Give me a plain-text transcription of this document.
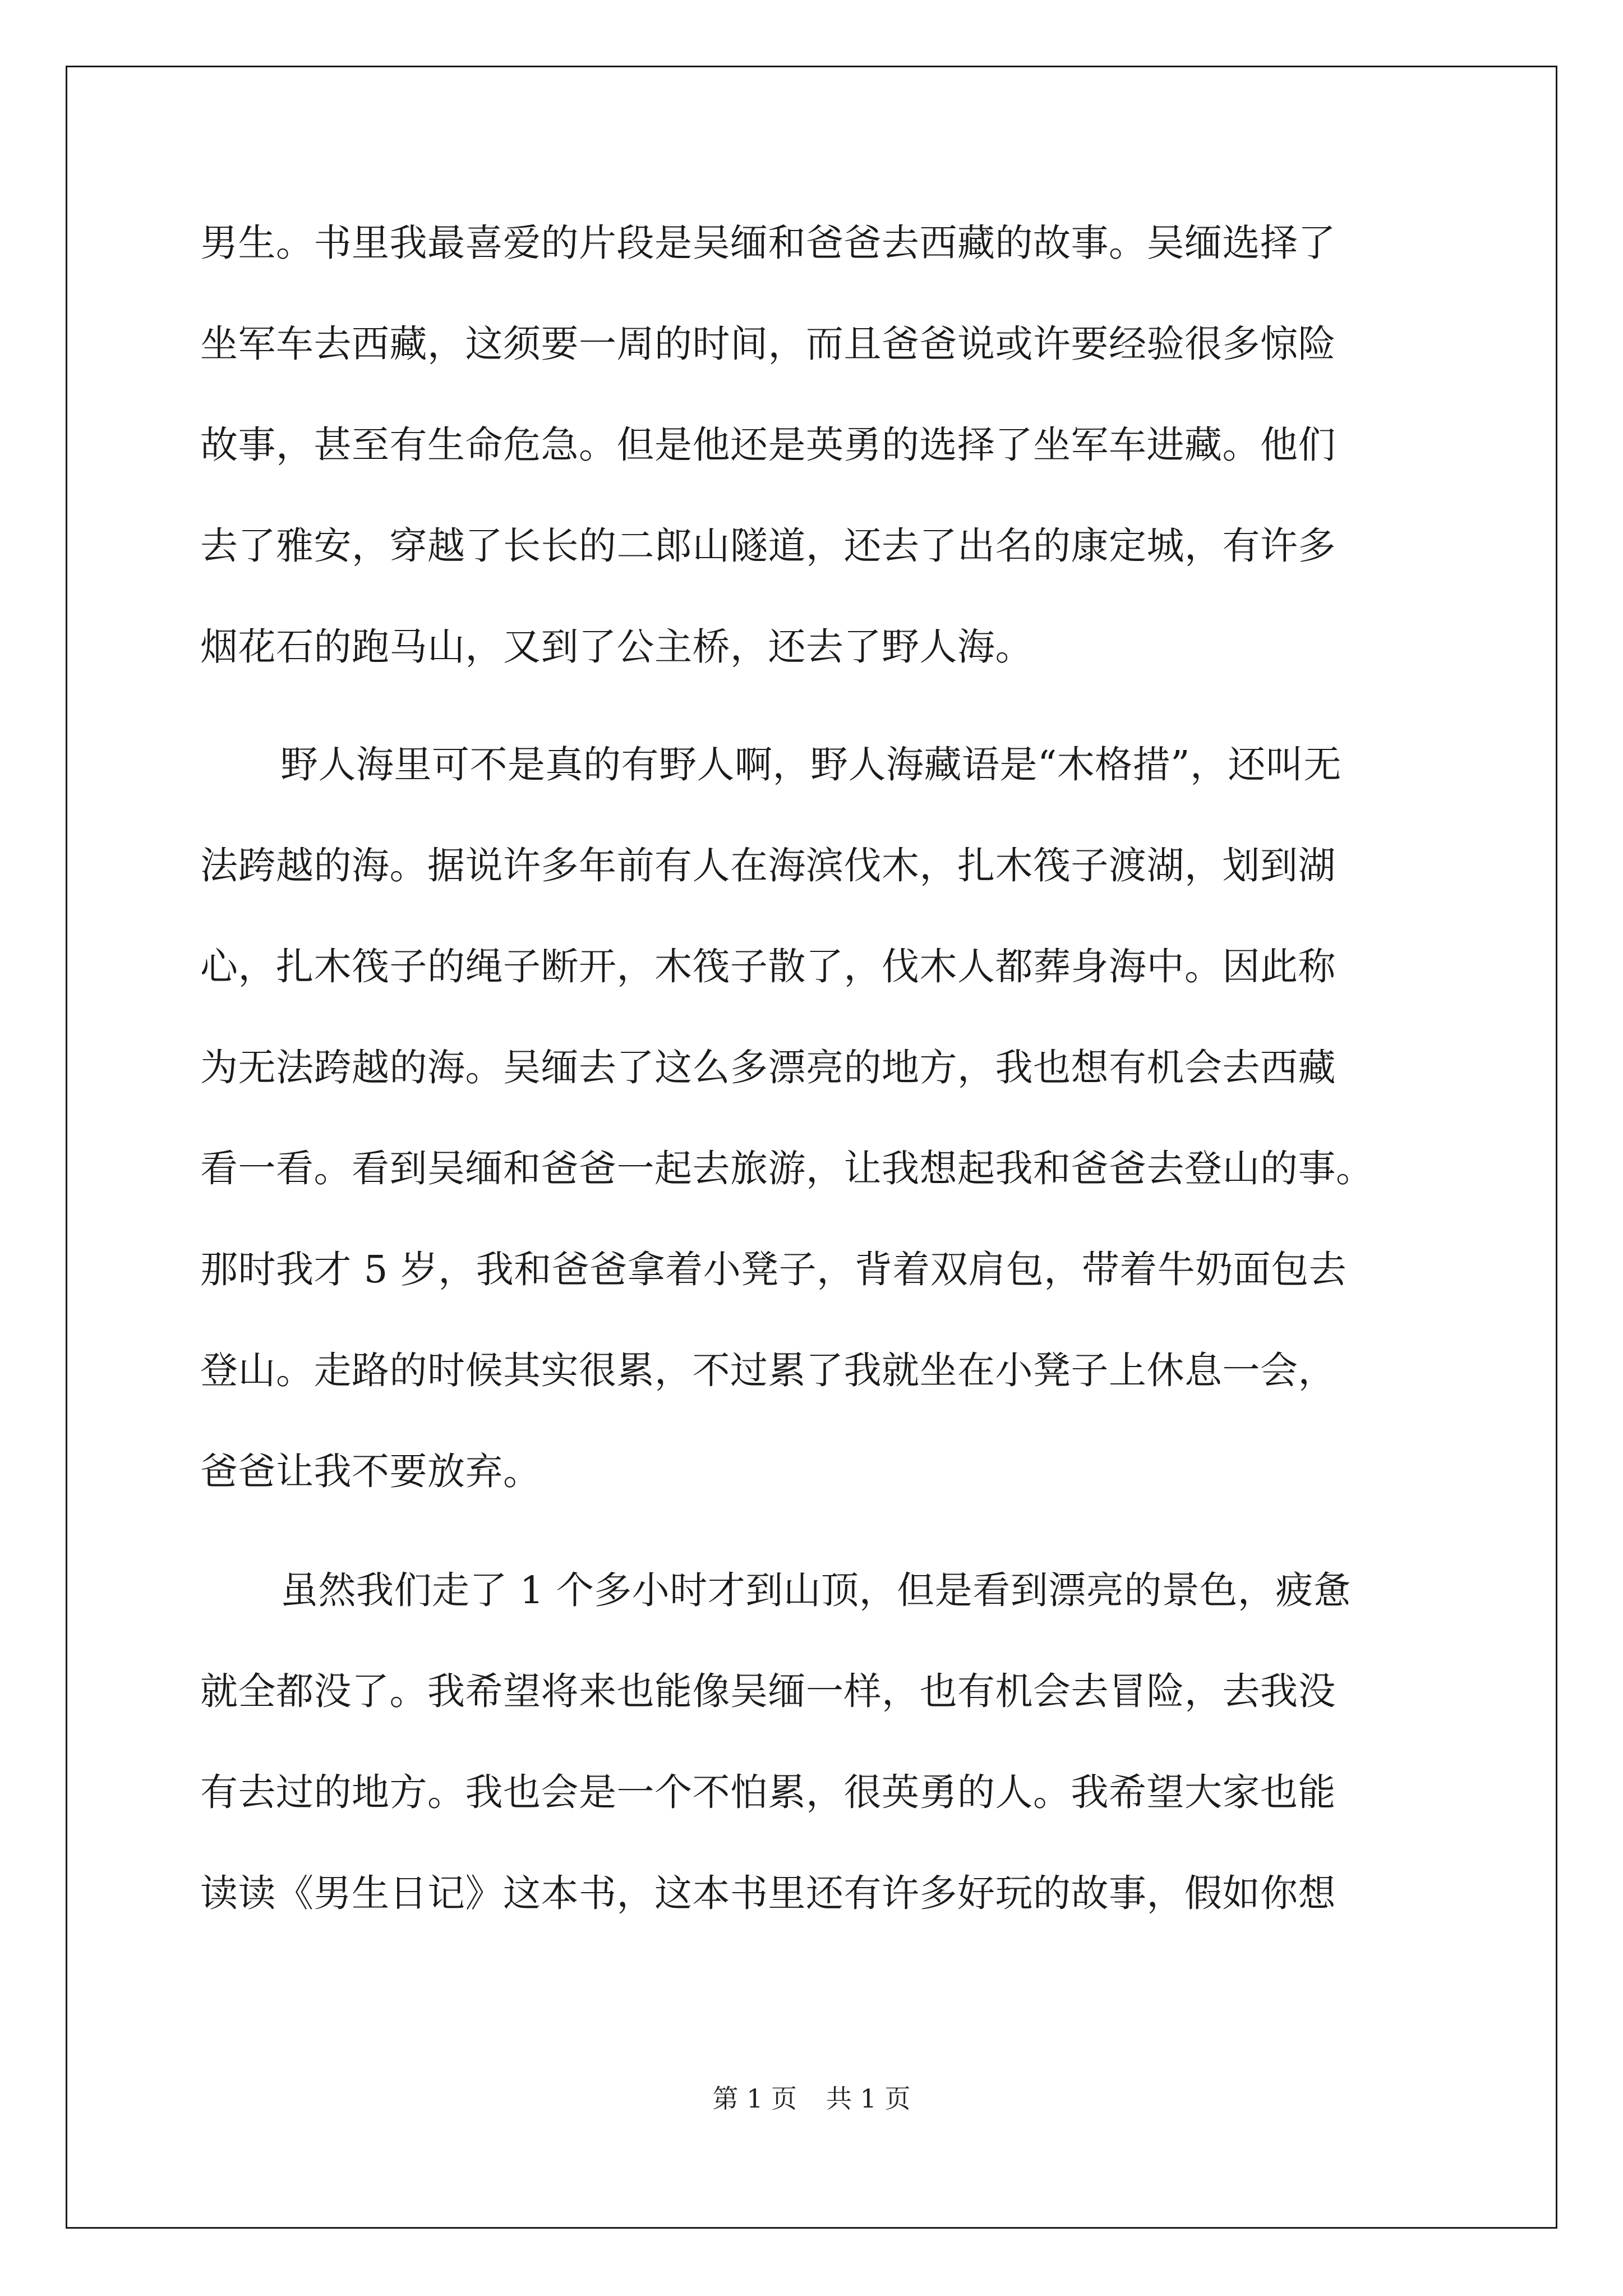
男生。书里我最喜爱的片段是吴缅和爸爸去西藏的故事。吴缅选择了
坐军车去西藏，这须要一周的时间，而且爸爸说或许要经验很多惊险
故事，甚至有生命危急。但是他还是英勇的选择了坐军车进藏。他们
去了雅安，穿越了长长的二郎山隧道，还去了出名的康定城，有许多
烟花石的跑马山，又到了公主桥，还去了野人海。
野人海里可不是真的有野人啊，野人海藏语是“木格措”，还叫无
法跨越的海。据说许多年前有人在海滨伐木，扎木筏子渡湖，划到湖
心，扎木筏子的绳子断开，木筏子散了，伐木人都葬身海中。因此称
为无法跨越的海。吴缅去了这么多漂亮的地方，我也想有机会去西藏
看一看。看到吴缅和爸爸一起去旅游，让我想起我和爸爸去登山的事。
那时我才 5 岁，我和爸爸拿着小凳子，背着双肩包，带着牛奶面包去
登山。走路的时候其实很累，不过累了我就坐在小凳子上休息一会，
爸爸让我不要放弃。
虽然我们走了 1 个多小时才到山顶，但是看到漂亮的景色，疲惫
就全都没了。我希望将来也能像吴缅一样，也有机会去冒险，去我没
有去过的地方。我也会是一个不怕累，很英勇的人。我希望大家也能
读读《男生日记》这本书，这本书里还有许多好玩的故事，假如你想
第 1 页 共 1 页
